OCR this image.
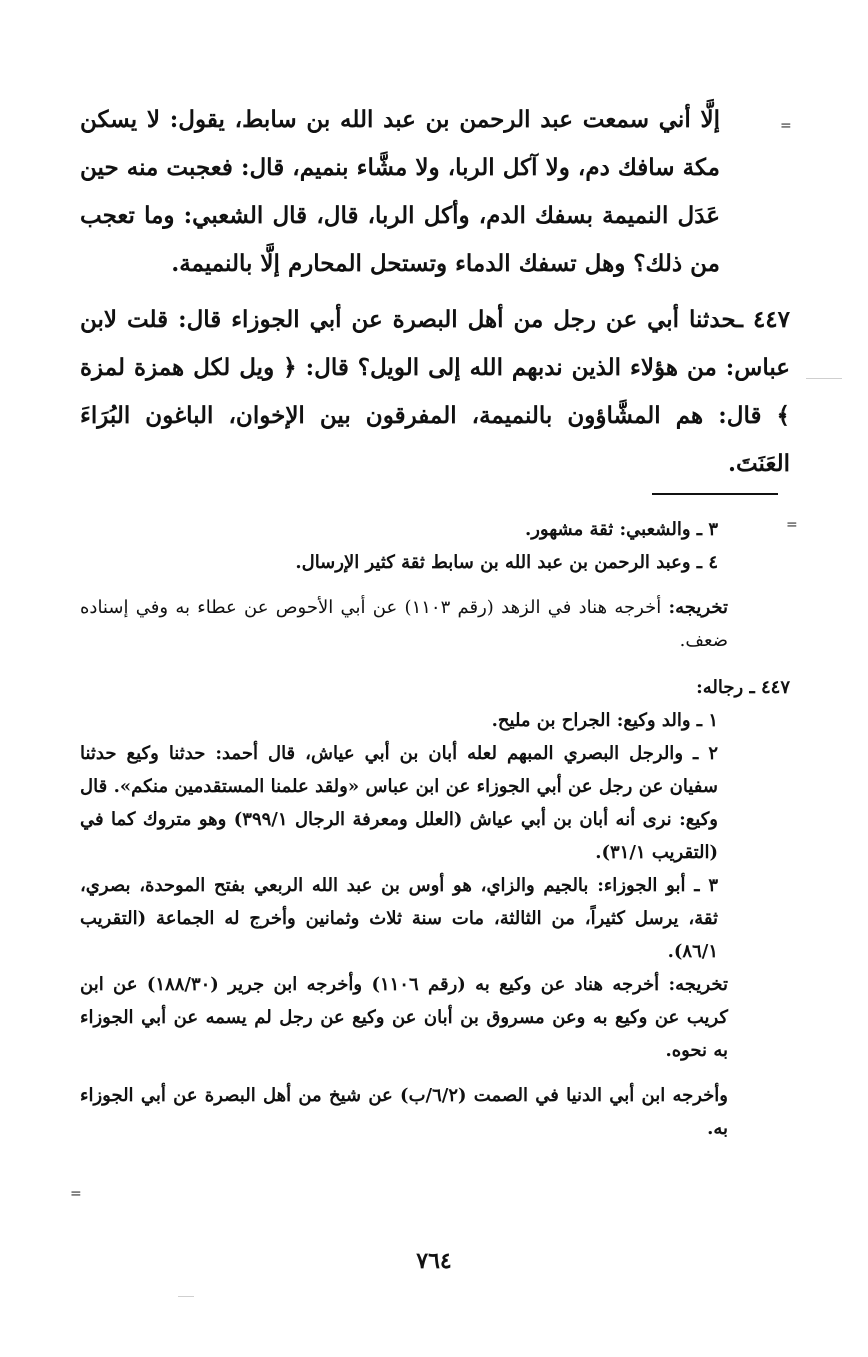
=
=
=

إلَّا أني سمعت عبد الرحمن بن عبد الله بن سابط، يقول: لا يسكن مكة سافك دم، ولا آكل الربا، ولا مشَّاء بنميم، قال: فعجبت منه حين عَدَل النميمة بسفك الدم، وأكل الربا، قال، قال الشعبي: وما تعجب من ذلك؟ وهل تسفك الدماء وتستحل المحارم إلَّا بالنميمة.

٤٤٧ ـحدثنا أبي عن رجل من أهل البصرة عن أبي الجوزاء قال: قلت لابن عباس: من هؤلاء الذين ندبهم الله إلى الويل؟ قال: ﴿ ويل لكل همزة لمزة ﴾ قال: هم المشَّاؤون بالنميمة، المفرقون بين الإخوان، الباغون البُرَاءَ العَنَتَ.

٣ ـ والشعبي: ثقة مشهور.

٤ ـ وعبد الرحمن بن عبد الله بن سابط ثقة كثير الإرسال.

تخريجه: أخرجه هناد في الزهد (رقم ١١٠٣) عن أبي الأحوص عن عطاء به وفي إسناده ضعف.

٤٤٧ ـ رجاله:

١ ـ والد وكيع: الجراح بن مليح.

٢ ـ والرجل البصري المبهم لعله أبان بن أبي عياش، قال أحمد: حدثنا وكيع حدثنا سفيان عن رجل عن أبي الجوزاء عن ابن عباس «ولقد علمنا المستقدمين منكم». قال وكيع: نرى أنه أبان بن أبي عياش (العلل ومعرفة الرجال ٣٩٩/١) وهو متروك كما في (التقريب ٣١/١).

٣ ـ أبو الجوزاء: بالجيم والزاي، هو أوس بن عبد الله الربعي بفتح الموحدة، بصري، ثقة، يرسل كثيراً، من الثالثة، مات سنة ثلاث وثمانين وأخرج له الجماعة (التقريب ٨٦/١).

تخريجه: أخرجه هناد عن وكيع به (رقم ١١٠٦) وأخرجه ابن جرير (١٨٨/٣٠) عن ابن كريب عن وكيع به وعن مسروق بن أبان عن وكيع عن رجل لم يسمه عن أبي الجوزاء به نحوه.

وأخرجه ابن أبي الدنيا في الصمت (٦/٢/ب) عن شيخ من أهل البصرة عن أبي الجوزاء به.

٧٦٤
